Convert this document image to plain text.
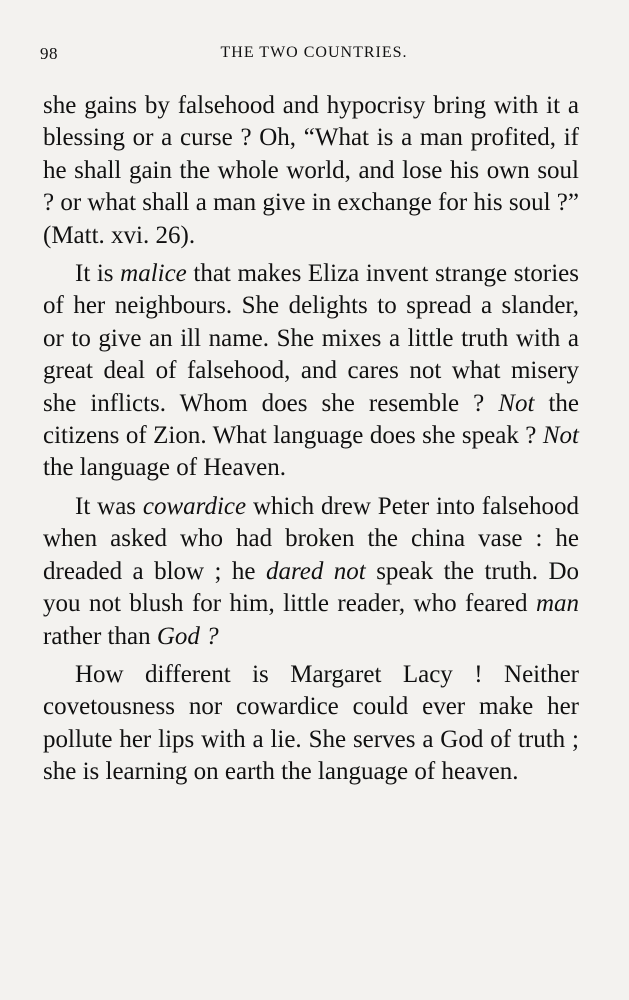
98	THE TWO COUNTRIES.

she gains by falsehood and hypocrisy bring with it a blessing or a curse ? Oh, “What is a man profited, if he shall gain the whole world, and lose his own soul ? or what shall a man give in exchange for his soul ?” (Matt. xvi. 26).

It is malice that makes Eliza invent strange stories of her neighbours. She delights to spread a slander, or to give an ill name. She mixes a little truth with a great deal of falsehood, and cares not what misery she inflicts. Whom does she resemble ? Not the citizens of Zion. What language does she speak ? Not the language of Heaven.

It was cowardice which drew Peter into falsehood when asked who had broken the china vase : he dreaded a blow ; he dared not speak the truth. Do you not blush for him, little reader, who feared man rather than God ?

How different is Margaret Lacy ! Neither covetousness nor cowardice could ever make her pollute her lips with a lie. She serves a God of truth ; she is learning on earth the language of heaven.
